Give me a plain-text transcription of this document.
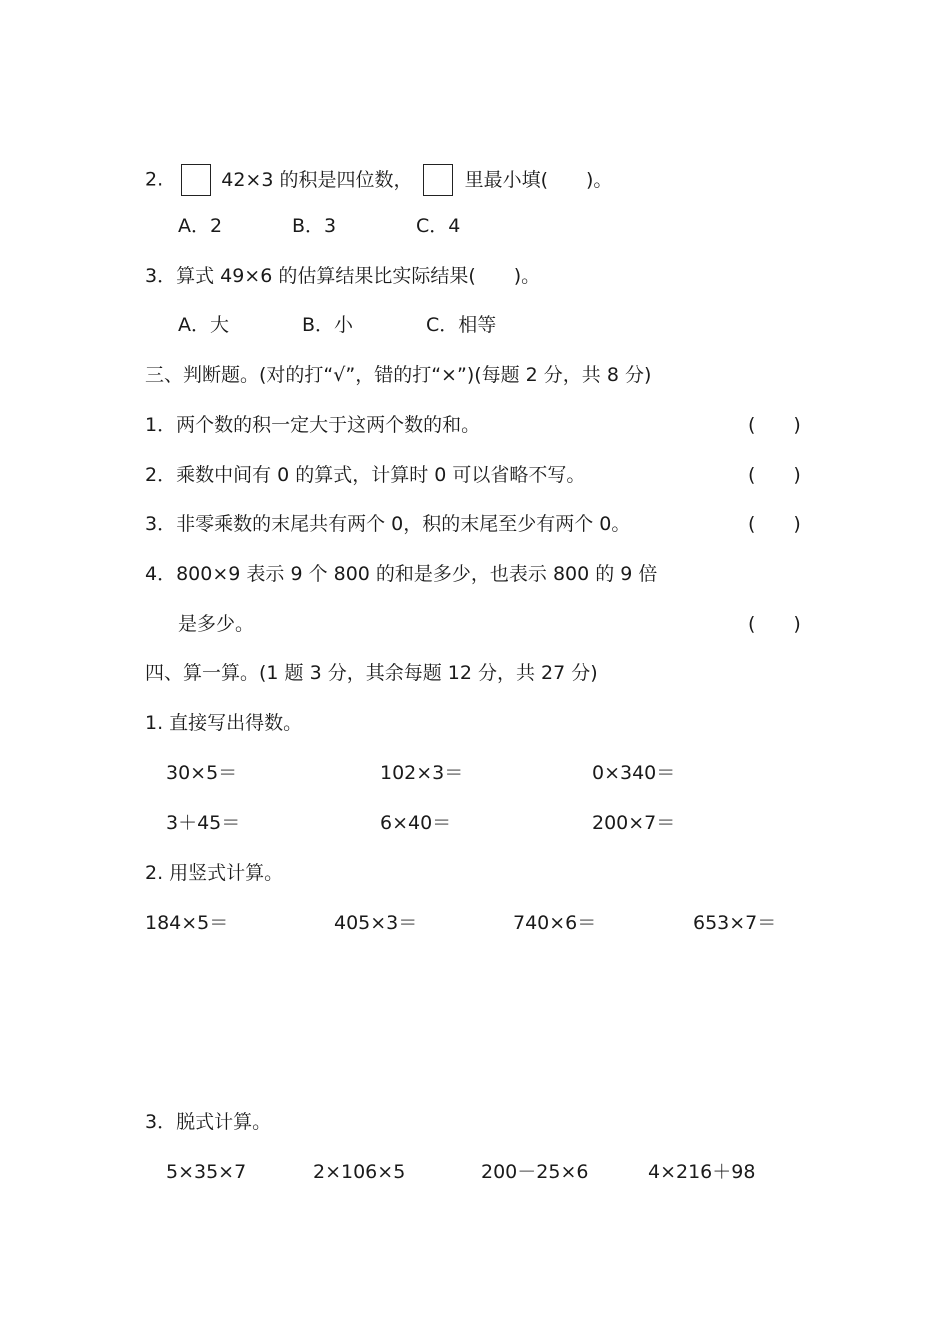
2.	42×3 的积是四位数，	里最小填(　　)。
A．2	B．3	C．4
3．算式 49×6 的估算结果比实际结果(　　)。
A．大	B．小	C．相等
三、判断题。(对的打“√”，错的打“×”)(每题 2 分，共 8 分)
1．两个数的积一定大于这两个数的和。	(　　)
2．乘数中间有 0 的算式，计算时 0 可以省略不写。	(　　)
3．非零乘数的末尾共有两个 0，积的末尾至少有两个 0。	(　　)
4．800×9 表示 9 个 800 的和是多少，也表示 800 的 9 倍
是多少。	(　　)
四、算一算。(1 题 3 分，其余每题 12 分，共 27 分)
1. 直接写出得数。
30×5＝	102×3＝	0×340＝
3＋45＝	6×40＝	200×7＝
2. 用竖式计算。
184×5＝	405×3＝	740×6＝	653×7＝
3．脱式计算。
5×35×7	2×106×5	200－25×6	4×216＋98
